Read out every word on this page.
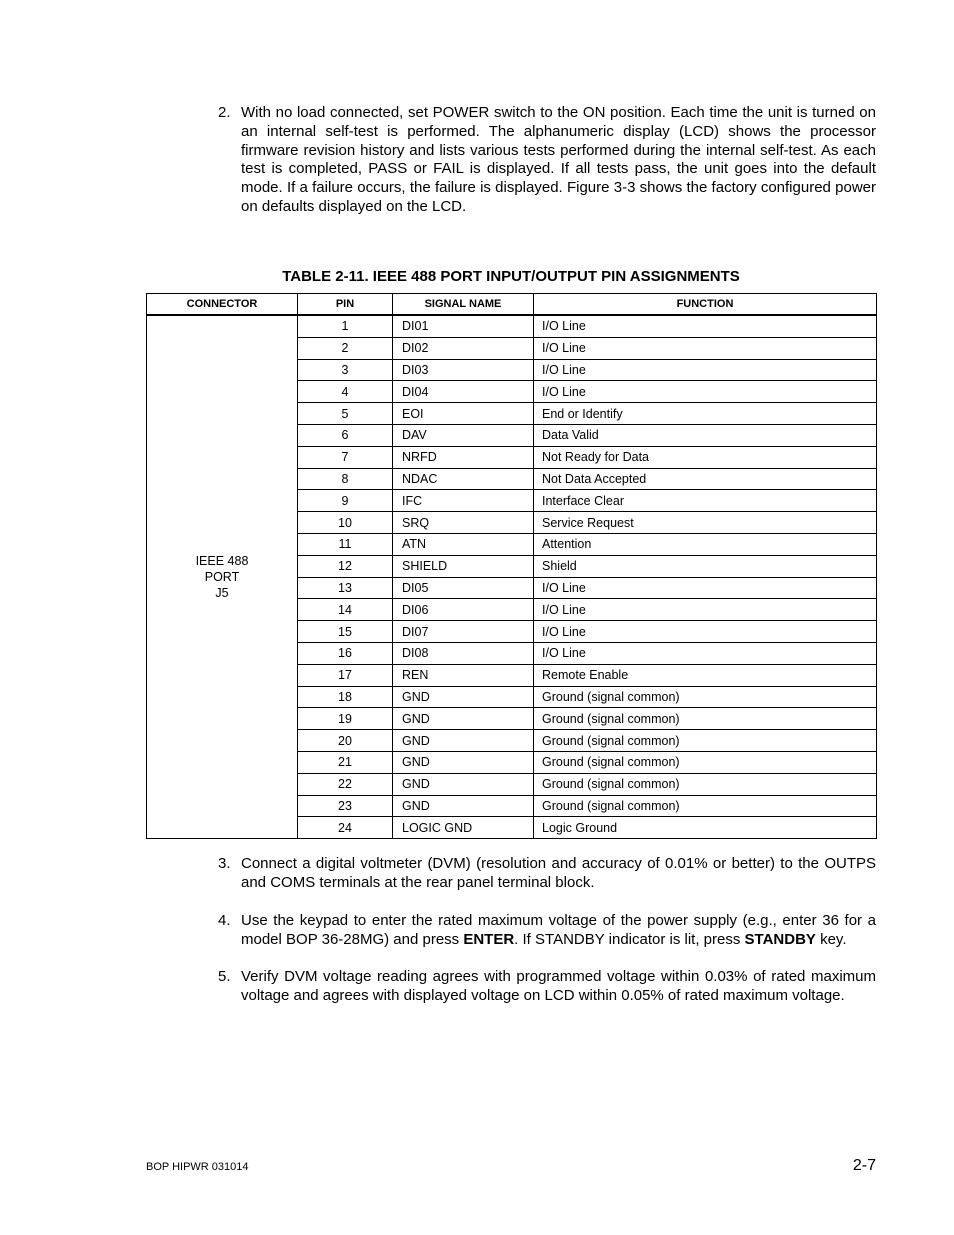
2. With no load connected, set POWER switch to the ON position. Each time the unit is turned on an internal self-test is performed. The alphanumeric display (LCD) shows the processor firmware revision history and lists various tests performed during the internal self-test. As each test is completed, PASS or FAIL is displayed. If all tests pass, the unit goes into the default mode. If a failure occurs, the failure is displayed. Figure 3-3 shows the factory configured power on defaults displayed on the LCD.
TABLE 2-11. IEEE 488 PORT INPUT/OUTPUT PIN ASSIGNMENTS
CONNECTOR	PIN	SIGNAL NAME	FUNCTION

IEEE 488
PORT
J5	1	DI01	I/O Line
	2	DI02	I/O Line
	3	DI03	I/O Line
	4	DI04	I/O Line
	5	EOI	End or Identify
	6	DAV	Data Valid
	7	NRFD	Not Ready for Data
	8	NDAC	Not Data Accepted
	9	IFC	Interface Clear
	10	SRQ	Service Request
	11	ATN	Attention
	12	SHIELD	Shield
	13	DI05	I/O Line
	14	DI06	I/O Line
	15	DI07	I/O Line
	16	DI08	I/O Line
	17	REN	Remote Enable
	18	GND	Ground (signal common)
	19	GND	Ground (signal common)
	20	GND	Ground (signal common)
	21	GND	Ground (signal common)
	22	GND	Ground (signal common)
	23	GND	Ground (signal common)
	24	LOGIC GND	Logic Ground
3. Connect a digital voltmeter (DVM) (resolution and accuracy of 0.01% or better) to the OUTPS and COMS terminals at the rear panel terminal block.
4. Use the keypad to enter the rated maximum voltage of the power supply (e.g., enter 36 for a model BOP 36-28MG) and press ENTER. If STANDBY indicator is lit, press STANDBY key.
5. Verify DVM voltage reading agrees with programmed voltage within 0.03% of rated maximum voltage and agrees with displayed voltage on LCD within 0.05% of rated maximum voltage.
BOP HIPWR 031014	2-7
